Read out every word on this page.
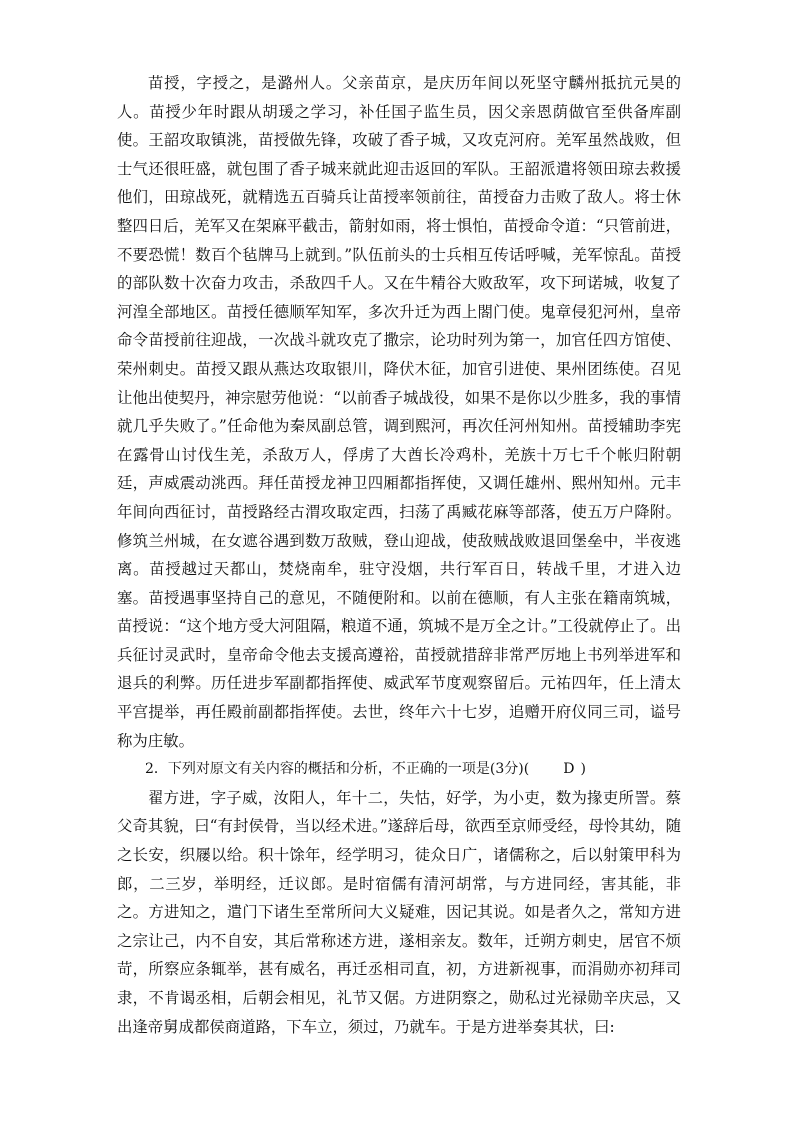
苗授，字授之，是潞州人。父亲苗京，是庆历年间以死坚守麟州抵抗元昊的人。苗授少年时跟从胡瑗之学习，补任国子监生员，因父亲恩荫做官至供备库副使。王韶攻取镇洮，苗授做先锋，攻破了香子城，又攻克河府。羌军虽然战败，但士气还很旺盛，就包围了香子城来就此迎击返回的军队。王韶派遣将领田琼去救援他们，田琼战死，就精选五百骑兵让苗授率领前往，苗授奋力击败了敌人。将士休整四日后，羌军又在架麻平截击，箭射如雨，将士惧怕，苗授命令道：“只管前进，不要恐慌！数百个毡牌马上就到。”队伍前头的士兵相互传话呼喊，羌军惊乱。苗授的部队数十次奋力攻击，杀敌四千人。又在牛精谷大败敌军，攻下珂诺城，收复了河湟全部地区。苗授任德顺军知军，多次升迁为西上閤门使。鬼章侵犯河州，皇帝命令苗授前往迎战，一次战斗就攻克了撒宗，论功时列为第一，加官任四方馆使、荣州刺史。苗授又跟从燕达攻取银川，降伏木征，加官引进使、果州团练使。召见让他出使契丹，神宗慰劳他说：“以前香子城战役，如果不是你以少胜多，我的事情就几乎失败了。”任命他为秦凤副总管，调到熙河，再次任河州知州。苗授辅助李宪在露骨山讨伐生羌，杀敌万人，俘虏了大酋长冷鸡朴，羌族十万七千个帐归附朝廷，声威震动洮西。拜任苗授龙神卫四厢都指挥使，又调任雄州、熙州知州。元丰年间向西征讨，苗授路经古渭攻取定西，扫荡了禹臧花麻等部落，使五万户降附。修筑兰州城，在女遮谷遇到数万敌贼，登山迎战，使敌贼战败退回堡垒中，半夜逃离。苗授越过天都山，焚烧南牟，驻守没烟，共行军百日，转战千里，才进入边塞。苗授遇事坚持自己的意见，不随便附和。以前在德顺，有人主张在籍南筑城，苗授说：“这个地方受大河阻隔，粮道不通，筑城不是万全之计。”工役就停止了。出兵征讨灵武时，皇帝命令他去支援高遵裕，苗授就措辞非常严厉地上书列举进军和退兵的利弊。历任进步军副都指挥使、威武军节度观察留后。元祐四年，任上清太平宫提举，再任殿前副都指挥使。去世，终年六十七岁，追赠开府仪同三司，谥号称为庄敏。

2．下列对原文有关内容的概括和分析，不正确的一项是(3分)( D )

翟方进，字子威，汝阳人，年十二，失怙，好学，为小吏，数为掾吏所詈。蔡父奇其貌，曰“有封侯骨，当以经术进。”遂辞后母，欲西至京师受经，母怜其幼，随之长安，织屦以给。积十馀年，经学明习，徒众日广，诸儒称之，后以射策甲科为郎，二三岁，举明经，迁议郎。是时宿儒有清河胡常，与方进同经，害其能，非之。方进知之，遣门下诸生至常所问大义疑难，因记其说。如是者久之，常知方进之宗让己，内不自安，其后常称述方进，遂相亲友。数年，迁朔方刺史，居官不烦苛，所察应条辄举，甚有威名，再迁丞相司直，初，方进新视事，而涓勋亦初拜司隶，不肯谒丞相，后朝会相见，礼节又倨。方进阴察之，勋私过光禄勋辛庆忌，又出逢帝舅成都侯商道路，下车立，须过，乃就车。于是方进举奏其状，曰:
